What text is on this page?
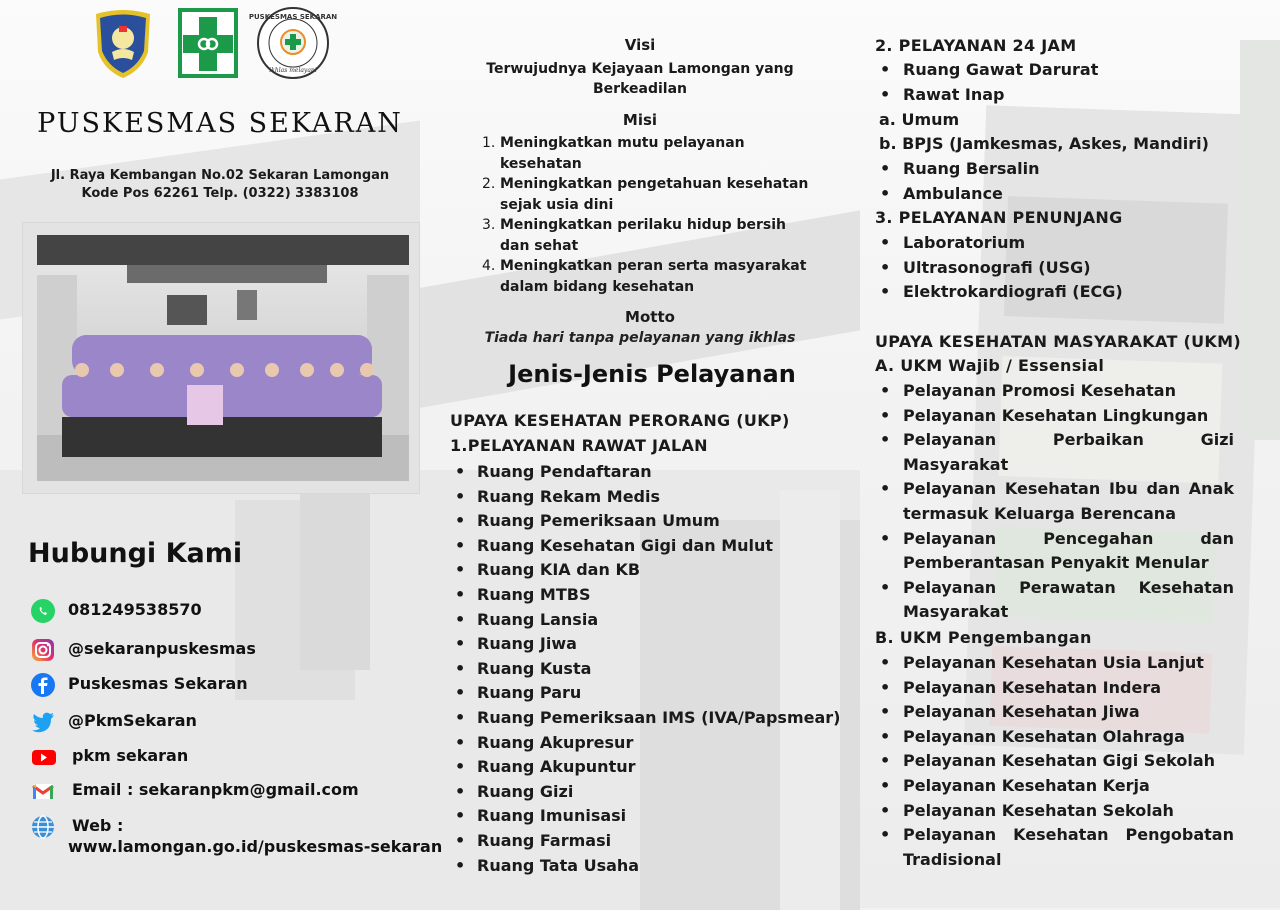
PUSKESMAS SEKARAN
ikhlas melayani
PUSKESMAS SEKARAN
Jl. Raya Kembangan No.02 Sekaran Lamongan
Kode Pos 62261 Telp. (0322) 3383108
Hubungi Kami
081249538570
@sekaranpuskesmas
Puskesmas Sekaran
@PkmSekaran
pkm sekaran
Email : sekaranpkm@gmail.com
Web :
www.lamongan.go.id/puskesmas-sekaran
Visi
Terwujudnya Kejayaan Lamongan yang Berkeadilan
Misi
1. Meningkatkan mutu pelayanan kesehatan
2. Meningkatkan pengetahuan kesehatan sejak usia dini
3. Meningkatkan perilaku hidup bersih dan sehat
4. Meningkatkan peran serta masyarakat dalam bidang kesehatan
Motto
Tiada hari tanpa pelayanan yang ikhlas
Jenis-Jenis Pelayanan
UPAYA KESEHATAN PERORANG (UKP)
1.PELAYANAN RAWAT JALAN
• Ruang Pendaftaran
• Ruang Rekam Medis
• Ruang Pemeriksaan Umum
• Ruang Kesehatan Gigi dan Mulut
• Ruang KIA dan KB
• Ruang MTBS
• Ruang Lansia
• Ruang Jiwa
• Ruang Kusta
• Ruang Paru
• Ruang Pemeriksaan IMS (IVA/Papsmear)
• Ruang Akupresur
• Ruang Akupuntur
• Ruang Gizi
• Ruang Imunisasi
• Ruang Farmasi
• Ruang Tata Usaha
2. PELAYANAN 24 JAM
• Ruang Gawat Darurat
• Rawat Inap
a. Umum
b. BPJS (Jamkesmas, Askes, Mandiri)
• Ruang Bersalin
• Ambulance
3. PELAYANAN PENUNJANG
• Laboratorium
• Ultrasonografi (USG)
• Elektrokardiografi (ECG)
UPAYA KESEHATAN MASYARAKAT (UKM)
A. UKM Wajib / Essensial
• Pelayanan Promosi Kesehatan
• Pelayanan Kesehatan Lingkungan
• Pelayanan Perbaikan Gizi Masyarakat
• Pelayanan Kesehatan Ibu dan Anak termasuk Keluarga Berencana
• Pelayanan Pencegahan dan Pemberantasan Penyakit Menular
• Pelayanan Perawatan Kesehatan Masyarakat
B. UKM Pengembangan
• Pelayanan Kesehatan Usia Lanjut
• Pelayanan Kesehatan Indera
• Pelayanan Kesehatan Jiwa
• Pelayanan Kesehatan Olahraga
• Pelayanan Kesehatan Gigi Sekolah
• Pelayanan Kesehatan Kerja
• Pelayanan Kesehatan Sekolah
• Pelayanan Kesehatan Pengobatan Tradisional
